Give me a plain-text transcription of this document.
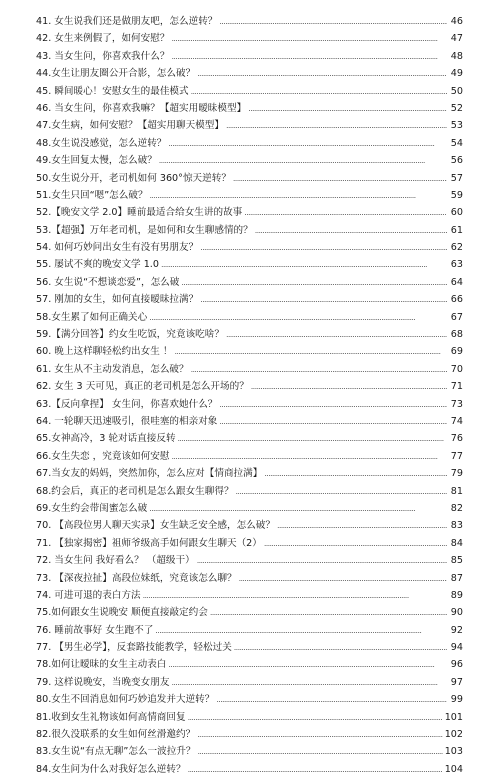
41. 女生说我们还是做朋友吧，怎么逆转？ . . .	46
42. 女生来例假了，如何安慰？ . . .	47
43. 当女生问，你喜欢我什么？ . . .	48
44.女生让朋友圈公开合影，怎么破？ . . .	49
45. 瞬间暖心！安慰女生的最佳模式 . . .	50
46. 当女生问，你喜欢我嘛？【超实用暧昧模型】 . . .	52
47.女生病，如何安慰？【超实用聊天模型】 . . .	53
48.女生说没感觉，怎么逆转？ . . .	54
49.女生回复太慢，怎么破？ . . .	56
50.女生说分开，老司机如何 360°惊天逆转？ . . .	57
51.女生只回“嗯”怎么破？ . . .	59
52.【晚安文学 2.0】睡前最适合给女生讲的故事 . . .	60
53.【超强】万年老司机，是如何和女生聊感情的？ . . .	61
54. 如何巧妙问出女生有没有男朋友？ . . .	62
55. 屡试不爽的晚安文学 1.0 . . .	63
56. 女生说“不想谈恋爱”，怎么破 . . .	64
57. 刚加的女生，如何直接暧昧拉满？ . . .	66
58.女生累了如何正确关心 . . .	67
59.【满分回答】约女生吃饭，究竟该吃啥？ . . .	68
60. 晚上这样聊轻松约出女生 ！ . . .	69
61. 女生从不主动发消息，怎么破？ . . .	70
62. 女生 3 天可见，真正的老司机是怎么开场的？ . . .	71
63.【反向拿捏】 女生问，你喜欢她什么？ . . .	73
64. 一轮聊天迅速吸引，很哇塞的相亲对象 . . .	74
65.女神高冷，3 轮对话直接反转 . . .	76
66.女生失恋 ，究竟该如何安慰 . . .	77
67.当女友的妈妈，突然加你，怎么应对【情商拉满】 . . .	79
68.约会后，真正的老司机是怎么跟女生聊得？ . . .	81
69.女生约会带闺蜜怎么破 . . .	82
70. 【高段位男人聊天实录】女生缺乏安全感，怎么破？ . . .	83
71. 【独家揭密】祖师爷级高手如何跟女生聊天（2） . . .	84
72. 当女生问 我好看么？ （超级干） . . .	85
73. 【深夜拉扯】高段位妹纸，究竟该怎么聊？ . . .	87
74. 可进可退的表白方法 . . .	89
75.如何跟女生说晚安 顺便直接敲定约会 . . .	90
76. 睡前故事好 女生跑不了 . . .	92
77. 【男生必学】，反套路技能教学，轻松过关 . . .	94
78.如何让暧昧的女生主动表白 . . .	96
79. 这样说晚安，当晚变女朋友 . . .	97
80.女生不回消息如何巧妙追发并大逆转？ . . .	99
81.收到女生礼物该如何高情商回复 . . .	101
82.很久没联系的女生如何丝滑邀约？ . . .	102
83.女生说“有点无聊”怎么一波拉升？ . . .	103
84.女生问为什么对我好怎么逆转？ . . .	104
